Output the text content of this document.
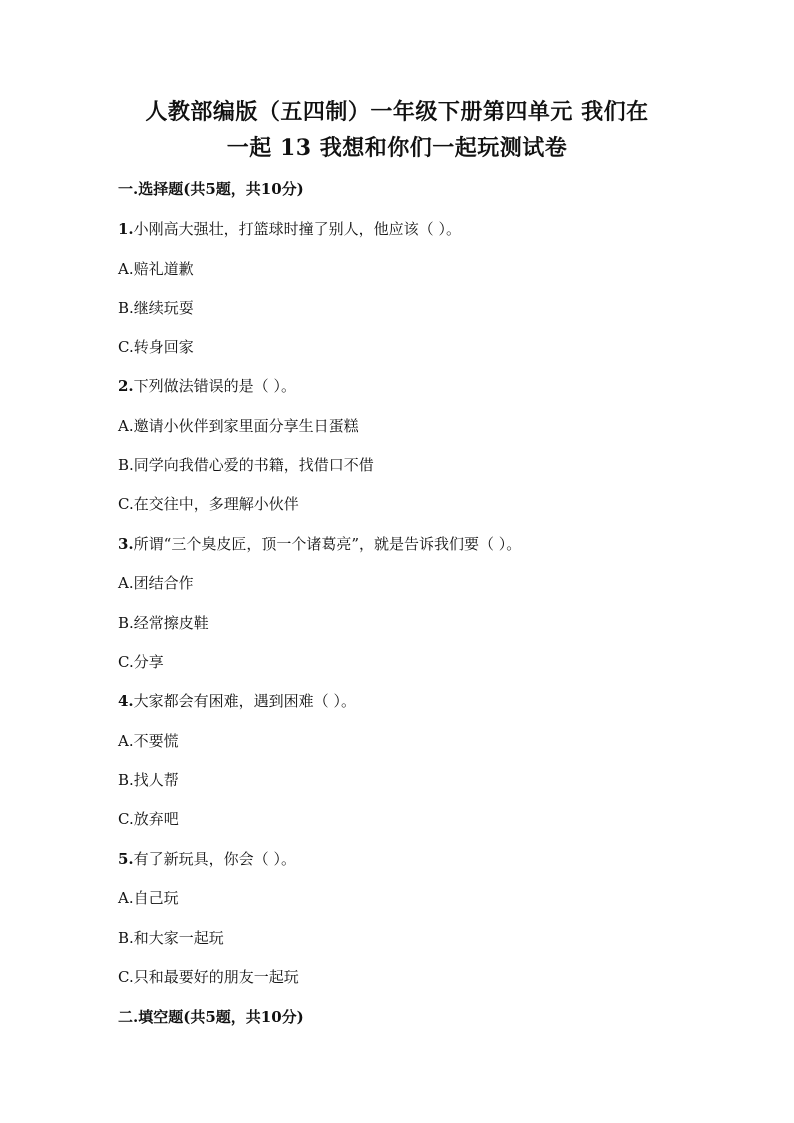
人教部编版（五四制）一年级下册第四单元 我们在
一起 13 我想和你们一起玩测试卷
一.选择题(共5题，共10分)
1.小刚高大强壮，打篮球时撞了别人，他应该（ ）。
A.赔礼道歉
B.继续玩耍
C.转身回家
2.下列做法错误的是（ ）。
A.邀请小伙伴到家里面分享生日蛋糕
B.同学向我借心爱的书籍，找借口不借
C.在交往中，多理解小伙伴
3.所谓“三个臭皮匠，顶一个诸葛亮”，就是告诉我们要（ ）。
A.团结合作
B.经常擦皮鞋
C.分享
4.大家都会有困难，遇到困难（ ）。
A.不要慌
B.找人帮
C.放弃吧
5.有了新玩具，你会（ ）。
A.自己玩
B.和大家一起玩
C.只和最要好的朋友一起玩
二.填空题(共5题，共10分)
